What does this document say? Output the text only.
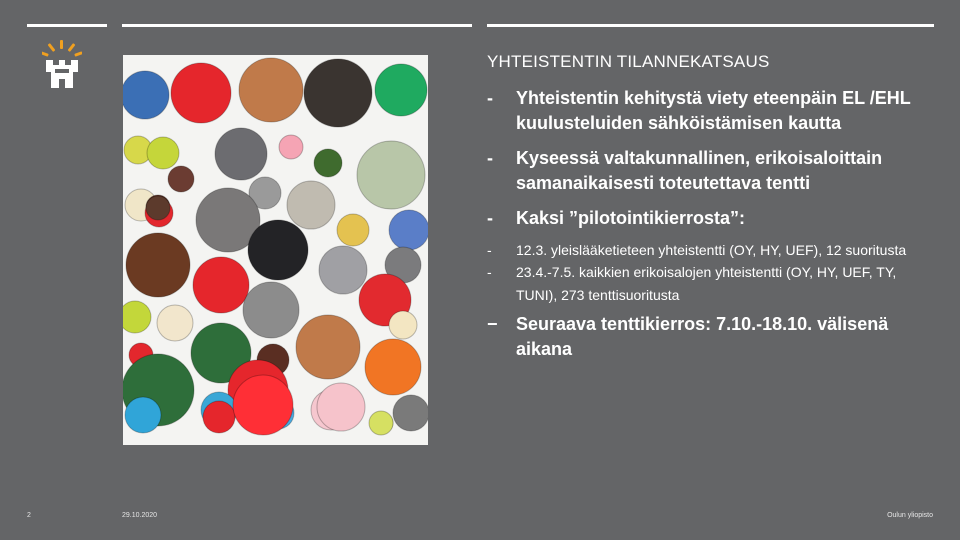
YHTEISTENTIN TILANNEKATSAUS
- Yhteistentin kehitystä viety eteenpäin EL /EHL kuulusteluiden sähköistämisen kautta
- Kyseessä valtakunnallinen, erikoisaloittain samanaikaisesti toteutettava tentti
- Kaksi ”pilotointikierrosta”:
- 12.3. yleislääketieteen yhteistentti (OY, HY, UEF), 12 suoritusta
- 23.4.-7.5. kaikkien erikoisalojen yhteistentti (OY, HY, UEF, TY, TUNI), 273 tenttisuoritusta
− Seuraava tenttikierros: 7.10.-18.10. välisenä aikana
2	29.10.2020	Oulun yliopisto
